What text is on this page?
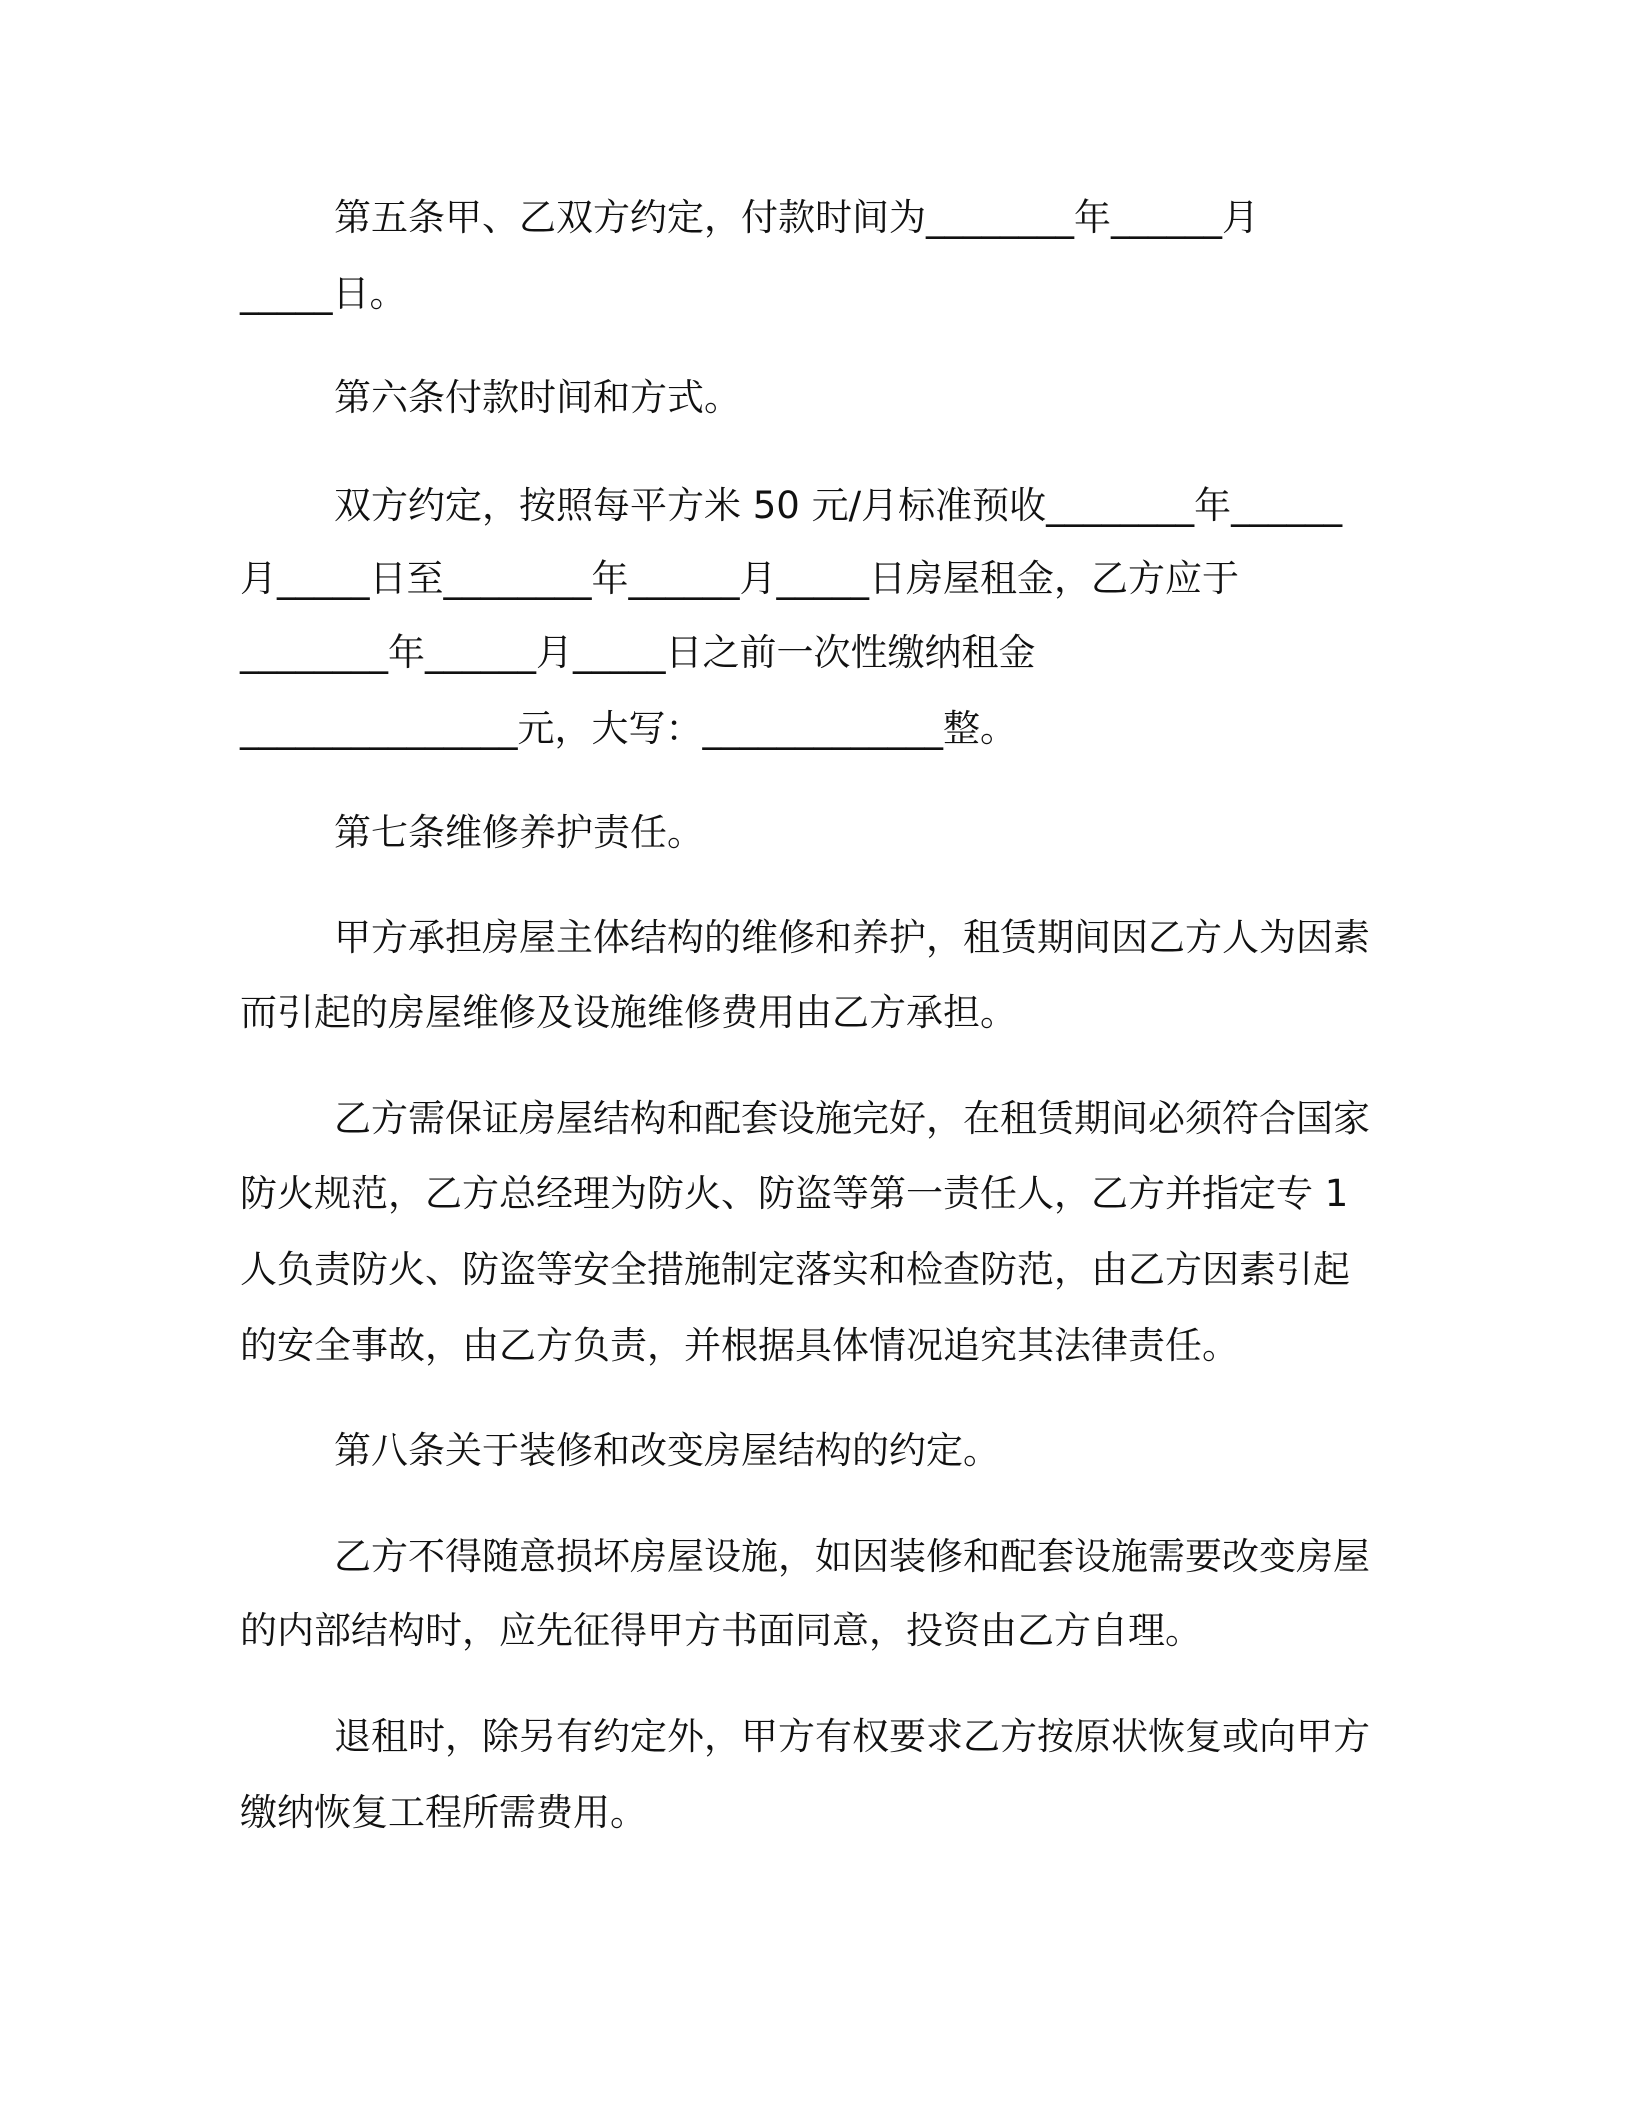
第五条甲、乙双方约定，付款时间为________年______月
_____日。
第六条付款时间和方式。
双方约定，按照每平方米 50 元/月标准预收________年______
月_____日至________年______月_____日房屋租金，乙方应于
________年______月_____日之前一次性缴纳租金
_______________元，大写：_____________整。
第七条维修养护责任。
甲方承担房屋主体结构的维修和养护，租赁期间因乙方人为因素
而引起的房屋维修及设施维修费用由乙方承担。
乙方需保证房屋结构和配套设施完好，在租赁期间必须符合国家
防火规范，乙方总经理为防火、防盗等第一责任人，乙方并指定专 1
人负责防火、防盗等安全措施制定落实和检查防范，由乙方因素引起
的安全事故，由乙方负责，并根据具体情况追究其法律责任。
第八条关于装修和改变房屋结构的约定。
乙方不得随意损坏房屋设施，如因装修和配套设施需要改变房屋
的内部结构时，应先征得甲方书面同意，投资由乙方自理。
退租时，除另有约定外，甲方有权要求乙方按原状恢复或向甲方
缴纳恢复工程所需费用。
